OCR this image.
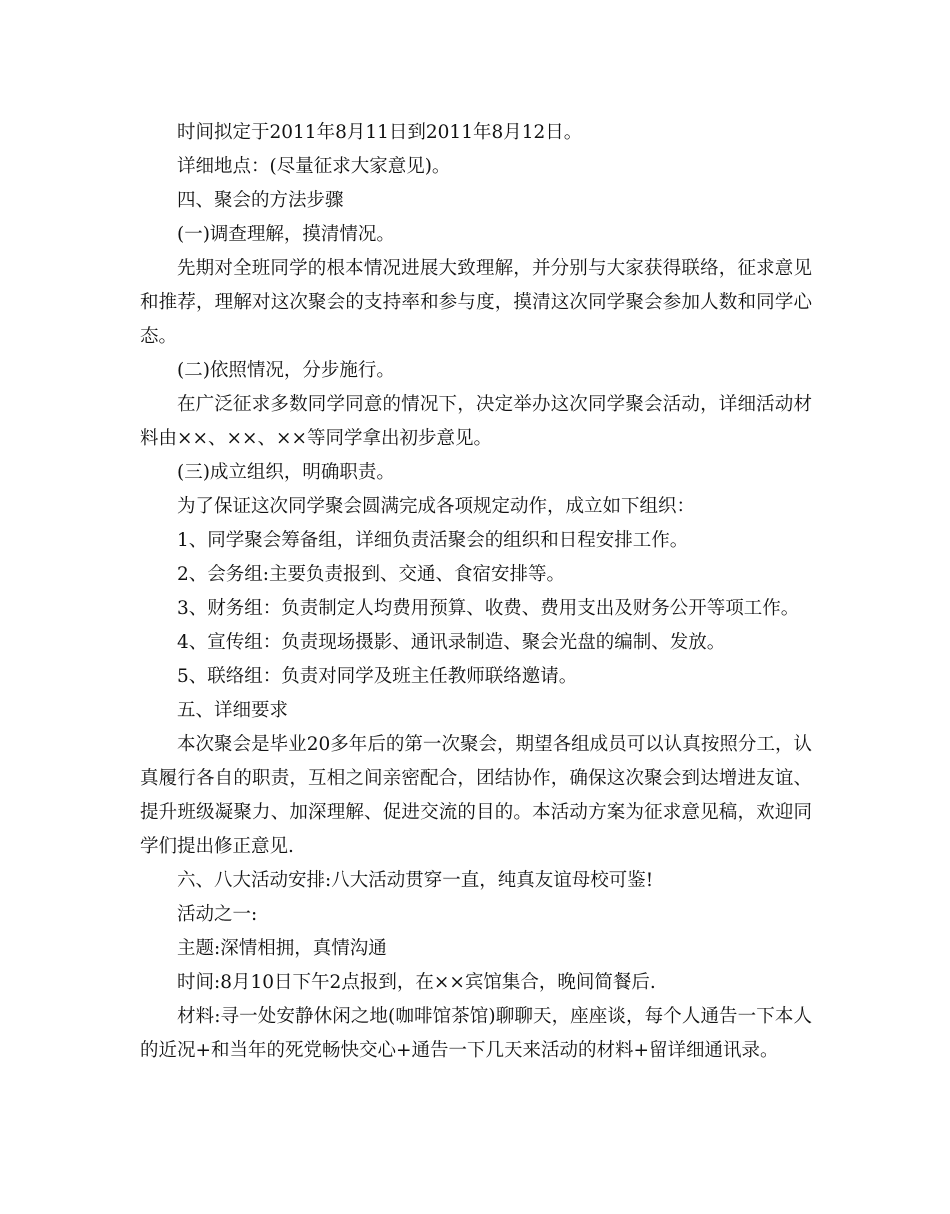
时间拟定于2011年8月11日到2011年8月12日。

详细地点：(尽量征求大家意见)。

四、聚会的方法步骤

(一)调查理解，摸清情况。

先期对全班同学的根本情况进展大致理解，并分别与大家获得联络，征求意见和推荐，理解对这次聚会的支持率和参与度，摸清这次同学聚会参加人数和同学心态。

(二)依照情况，分步施行。

在广泛征求多数同学同意的情况下，决定举办这次同学聚会活动，详细活动材料由××、××、××等同学拿出初步意见。

(三)成立组织，明确职责。

为了保证这次同学聚会圆满完成各项规定动作，成立如下组织：

1、同学聚会筹备组，详细负责活聚会的组织和日程安排工作。

2、会务组:主要负责报到、交通、食宿安排等。

3、财务组：负责制定人均费用预算、收费、费用支出及财务公开等项工作。

4、宣传组：负责现场摄影、通讯录制造、聚会光盘的编制、发放。

5、联络组：负责对同学及班主任教师联络邀请。

五、详细要求

本次聚会是毕业20多年后的第一次聚会，期望各组成员可以认真按照分工，认真履行各自的职责，互相之间亲密配合，团结协作，确保这次聚会到达增进友谊、提升班级凝聚力、加深理解、促进交流的目的。本活动方案为征求意见稿，欢迎同学们提出修正意见.

六、八大活动安排:八大活动贯穿一直，纯真友谊母校可鉴!

活动之一:

主题:深情相拥，真情沟通

时间:8月10日下午2点报到，在××宾馆集合，晚间简餐后.

材料:寻一处安静休闲之地(咖啡馆茶馆)聊聊天，座座谈，每个人通告一下本人的近况+和当年的死党畅快交心+通告一下几天来活动的材料+留详细通讯录。
